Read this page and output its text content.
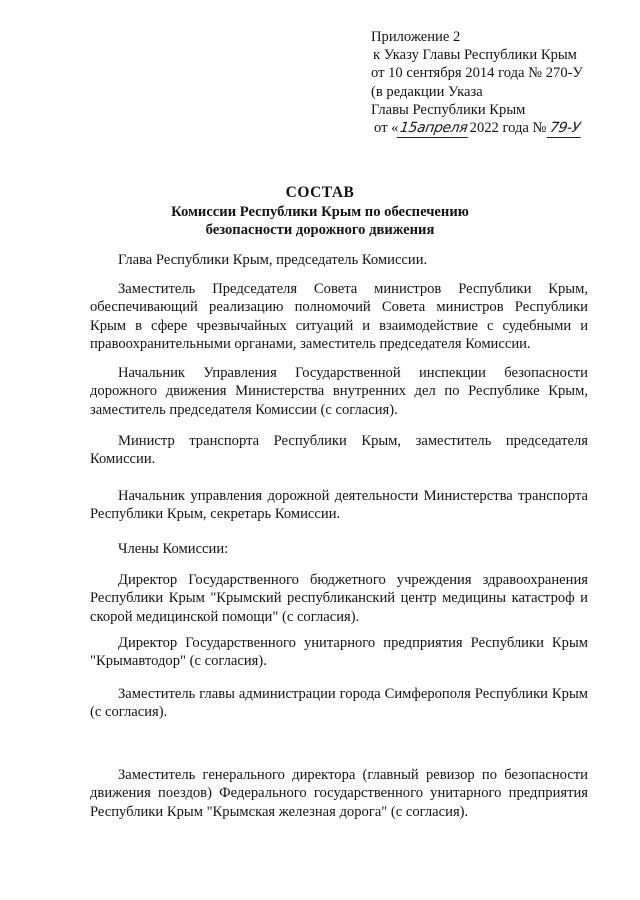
Приложение 2
к Указу Главы Республики Крым
от 10 сентября 2014 года № 270-У
(в редакции Указа
Главы Республики Крым
от «15апреля2022 года № 79-У
СОСТАВ
Комиссии Республики Крым по обеспечению
безопасности дорожного движения

Глава Республики Крым, председатель Комиссии.

Заместитель Председателя Совета министров Республики Крым, обеспечивающий реализацию полномочий Совета министров Республики Крым в сфере чрезвычайных ситуаций и взаимодействие с судебными и правоохранительными органами, заместитель председателя Комиссии.

Начальник Управления Государственной инспекции безопасности дорожного движения Министерства внутренних дел по Республике Крым, заместитель председателя Комиссии (с согласия).

Министр транспорта Республики Крым, заместитель председателя Комиссии.

Начальник управления дорожной деятельности Министерства транспорта Республики Крым, секретарь Комиссии.

Члены Комиссии:

Директор Государственного бюджетного учреждения здравоохранения Республики Крым "Крымский республиканский центр медицины катастроф и скорой медицинской помощи" (с согласия).

Директор Государственного унитарного предприятия Республики Крым "Крымавтодор" (с согласия).

Заместитель главы администрации города Симферополя Республики Крым (с согласия).

Заместитель генерального директора (главный ревизор по безопасности движения поездов) Федерального государственного унитарного предприятия Республики Крым "Крымская железная дорога" (с согласия).
